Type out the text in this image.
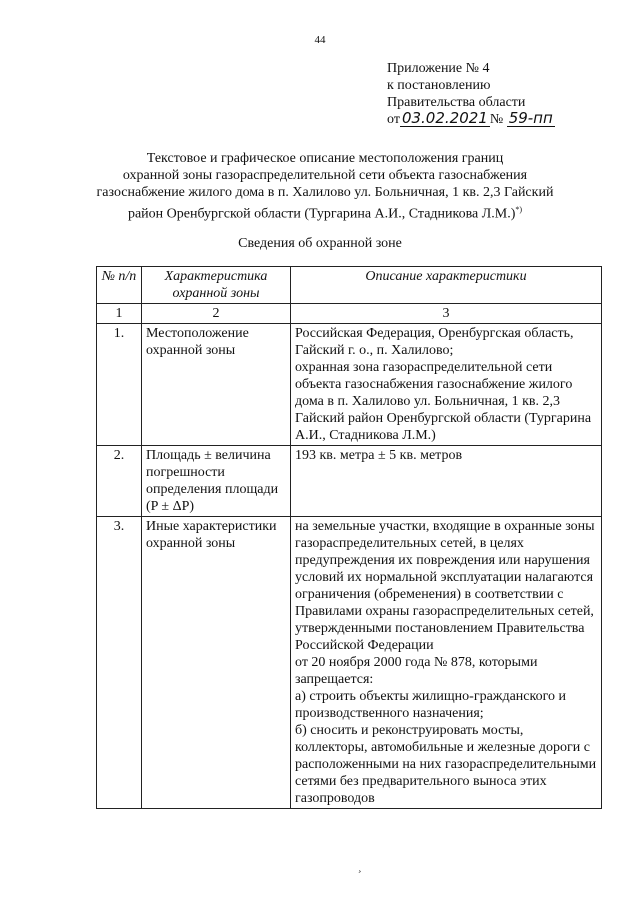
44
Приложение № 4
к постановлению
Правительства области
от 03.02.2021 № 59-пп
Текстовое и графическое описание местоположения границ
охранной зоны газораспределительной сети объекта газоснабжения
газоснабжение жилого дома в п. Халилово ул. Больничная, 1 кв. 2,3 Гайский
район Оренбургской области (Тургарина А.И., Стадникова Л.М.)*)
Сведения об охранной зоне
№ п/п	Характеристика охранной зоны	Описание характеристики
1	2	3
1.	Местоположение охранной зоны	Российская Федерация, Оренбургская область, Гайский г. о., п. Халилово;
охранная зона газораспределительной сети объекта газоснабжения газоснабжение жилого дома в п. Халилово ул. Больничная, 1 кв. 2,3 Гайский район Оренбургской области (Тургарина А.И., Стадникова Л.М.)
2.	Площадь ± величина погрешности определения площади (P ± ΔP)	193 кв. метра ± 5 кв. метров
3.	Иные характеристики охранной зоны	на земельные участки, входящие в охранные зоны газораспределительных сетей, в целях предупреждения их повреждения или нарушения условий их нормальной эксплуатации налагаются ограничения (обременения) в соответствии с Правилами охраны газораспределительных сетей, утвержденными постановлением Правительства Российской Федерации
от 20 ноября 2000 года № 878, которыми запрещается:
а) строить объекты жилищно-гражданского и производственного назначения;
б) сносить и реконструировать мосты, коллекторы, автомобильные и железные дороги с расположенными на них газораспределительными сетями без предварительного выноса этих газопроводов
¸
